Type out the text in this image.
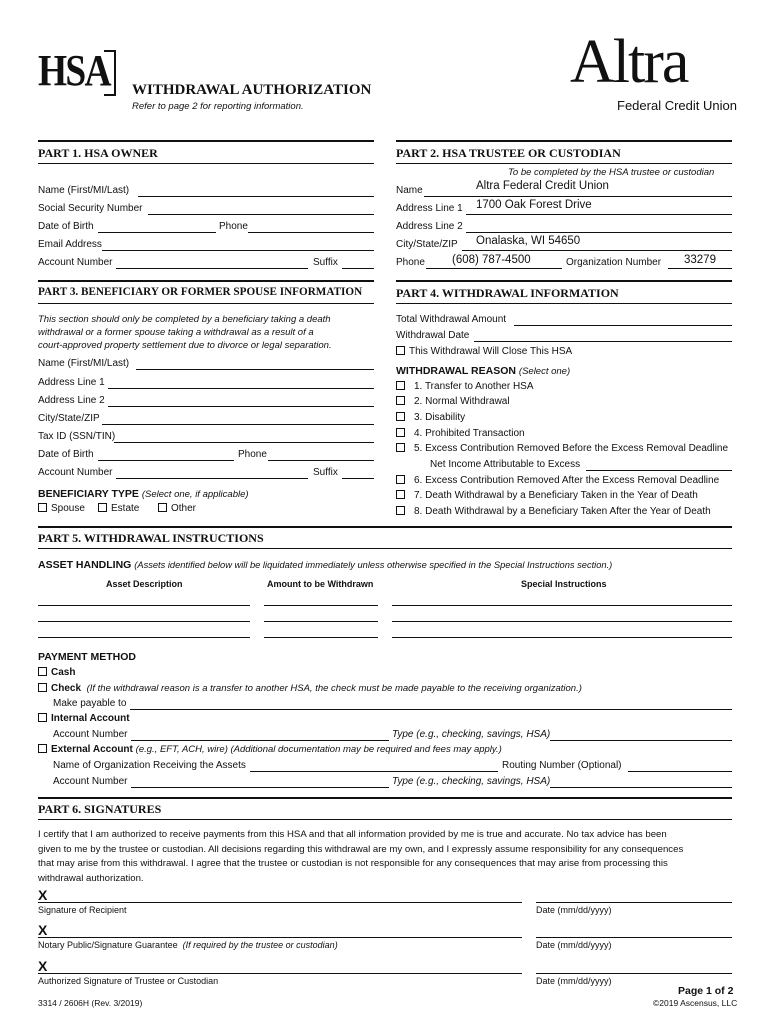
HSA WITHDRAWAL AUTHORIZATION
Refer to page 2 for reporting information.
Altra
Federal Credit Union
PART 1. HSA OWNER	PART 2. HSA TRUSTEE OR CUSTODIAN
Name (First/MI/Last)
Social Security Number
Date of Birth	Phone
Email Address
Account Number	Suffix
To be completed by the HSA trustee or custodian
Name	Altra Federal Credit Union
Address Line 1 1700 Oak Forest Drive
Address Line 2
City/State/ZIP Onalaska, WI 54650
Phone (608) 787-4500	Organization Number 33279
PART 3. BENEFICIARY OR FORMER SPOUSE INFORMATION	PART 4. WITHDRAWAL INFORMATION
This section should only be completed by a beneficiary taking a death
withdrawal or a former spouse taking a withdrawal as a result of a
court-approved property settlement due to divorce or legal separation.
Name (First/MI/Last)
Address Line 1
Address Line 2
City/State/ZIP
Tax ID (SSN/TIN)
Date of Birth	Phone
Account Number	Suffix
BENEFICIARY TYPE (Select one, if applicable)
Spouse	Estate	Other
Total Withdrawal Amount
Withdrawal Date
This Withdrawal Will Close This HSA
WITHDRAWAL REASON (Select one)
1. Transfer to Another HSA
2. Normal Withdrawal
3. Disability
4. Prohibited Transaction
5. Excess Contribution Removed Before the Excess Removal Deadline
Net Income Attributable to Excess
6. Excess Contribution Removed After the Excess Removal Deadline
7. Death Withdrawal by a Beneficiary Taken in the Year of Death
8. Death Withdrawal by a Beneficiary Taken After the Year of Death
PART 5. WITHDRAWAL INSTRUCTIONS
ASSET HANDLING (Assets identified below will be liquidated immediately unless otherwise specified in the Special Instructions section.)
Asset Description	Amount to be Withdrawn	Special Instructions
PAYMENT METHOD
Cash
Check (If the withdrawal reason is a transfer to another HSA, the check must be made payable to the receiving organization.)
Make payable to
Internal Account
Account Number	Type (e.g., checking, savings, HSA)
External Account (e.g., EFT, ACH, wire) (Additional documentation may be required and fees may apply.)
Name of Organization Receiving the Assets	Routing Number (Optional)
Account Number	Type (e.g., checking, savings, HSA)
PART 6. SIGNATURES
I certify that I am authorized to receive payments from this HSA and that all information provided by me is true and accurate. No tax advice has been
given to me by the trustee or custodian. All decisions regarding this withdrawal are my own, and I expressly assume responsibility for any consequences
that may arise from this withdrawal. I agree that the trustee or custodian is not responsible for any consequences that may arise from processing this
withdrawal authorization.
X
Signature of Recipient	Date (mm/dd/yyyy)
X
Notary Public/Signature Guarantee (If required by the trustee or custodian)	Date (mm/dd/yyyy)
X
Authorized Signature of Trustee or Custodian	Date (mm/dd/yyyy)
3314 / 2606H (Rev. 3/2019)
Page 1 of 2
©2019 Ascensus, LLC
